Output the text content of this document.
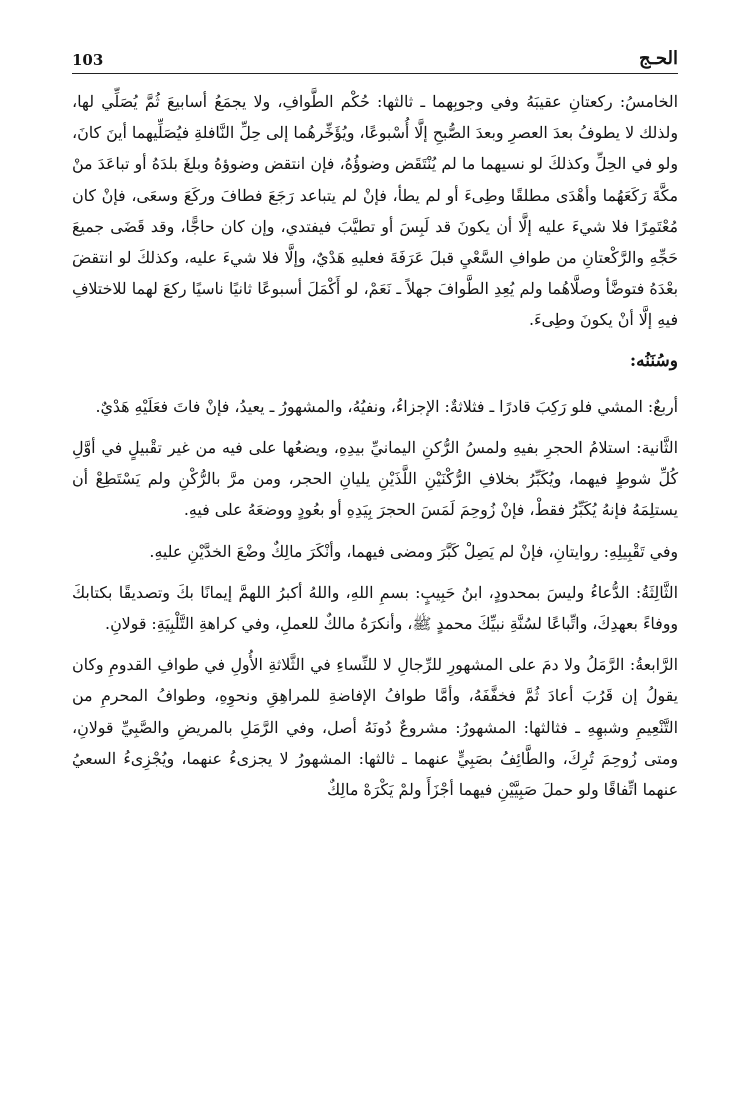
103	الحـج

الخامسُ: ركعتانِ عقيبَهُ وفي وجوبِهما ـ ثالثها: حُكْم الطَّوافِ، ولا يجمَعُ أسابيعَ ثُمَّ يُصَلِّي لها، ولذلك لا يطوفُ بعدَ العصرِ وبعدَ الصُّبحِ إلَّا أُسْبوعًا، ويُؤَخِّرهُما إلى حِلِّ النَّافلةِ فيُصَلِّيهما أينَ كانَ، ولو في الحِلِّ وكذلكَ لو نسيهما ما لم يُنْتَقَض وضوؤُهُ، فإن انتقض وضوؤهُ وبلغَ بلدَهُ أو تباعَدَ منْ مكَّةَ رَكَعَهُما وأهْدَى مطلقًا وطِىءَ أو لم يطأ، فإنْ لم يتباعد رَجَعَ فطافَ وركَعَ وسعَى، فإنْ كان مُعْتَمِرًا فلا شيءَ عليه إلَّا أن يكونَ قد لَبِسَ أو تطيَّبَ فيفتدي، وإن كان حاجًّا، وقد قَضَى جميعَ حَجِّهِ والرَّكْعتانِ من طوافِ السَّعْيِ قبلَ عَرَفَةَ فعليهِ هَدْيٌ، وإلَّا فلا شيءَ عليه، وكذلكَ لو انتقضَ بعْدَهُ فتوضَّأ وصلَّاهُما ولم يُعِدِ الطَّوافَ جهلاً ـ نَعَمْ، لو أَكْمَلَ أسبوعًا ثانيًا ناسيًا ركعَ لهما للاختلافِ فيهِ إلَّا أنْ يكونَ وطِىءَ.

وسُنَنُه:

أربعٌ: المشي فلو رَكِبَ قادرًا ـ فثلاثةٌ: الإجزاءُ، ونفيُهُ، والمشهورُ ـ يعيدُ، فإنْ فاتَ فعَلَيْهِ هَدْيٌ.

الثَّانية: استلامُ الحجرِ بفيهِ ولمسُ الرُّكنِ اليمانيِّ بيدِهِ، ويضعُها على فيه من غير تقْبيلٍ في أوَّلِ كُلِّ شوطٍ فيهما، ويُكَبِّرُ بخلافِ الرُّكْنَيْنِ اللَّذَيْنِ يليانِ الحجر، ومن مرَّ بالرُّكْنِ ولم يَسْتَطِعْ أن يستلِمَهُ فإنهُ يُكَبِّرُ فقطْ، فإنْ زُوحِمَ لَمَسَ الحجرَ بِيَدِهِ أو بعُودٍ ووضعَهُ على فيهِ.

وفي تَقْبِيلِهِ: روايتانِ، فإنْ لم يَصِلْ كَبَّرَ ومضى فيهما، وأنْكَرَ مالِكٌ وضْعَ الخدَّيْنِ عليهِ.

الثَّالِثَةُ: الدُّعاءُ وليسَ بمحدودٍ، ابنُ حَبِيبٍ: بسمِ اللهِ، واللهُ أكبرُ اللهمَّ إيمانًا بكَ وتصديقًا بكتابكَ ووفاءً بعهدِكَ، واتِّباعًا لسُنَّةِ نبيِّكَ محمدٍ ﷺ، وأنكرَهُ مالكٌ للعملِ، وفي كراهةِ التَّلْبِيَةِ: قولانِ.

الرَّابعةُ: الرَّمَلُ ولا دمَ على المشهورِ للرِّجالِ لا للنِّساءِ في الثَّلاثةِ الأُولِ في طوافِ القدومِ وكان يقولُ إن قَرُبَ أعادَ ثُمَّ فخفَّفَهُ، وأمَّا طوافُ الإفاضةِ للمراهِقِ ونحوِهِ، وطوافُ المحرمِ من التَّنْعِيمِ وشبهِهِ ـ فثالثها: المشهورُ: مشروعٌ دُونَهُ أصل، وفي الرَّمَلِ بالمريضِ والصَّبِيِّ قولانِ، ومتى زُوحِمَ تُرِكَ، والطَّائِفُ بصَبِيٍّ عنهما ـ ثالثها: المشهورُ لا يجزىءُ عنهما، ويُجْزِىءُ السعيُ عنهما اتِّفاقًا ولو حملَ صَبِيَّيْنِ فيهما أجْزَأَ ولمْ يَكْرَهْ مالِكٌ
